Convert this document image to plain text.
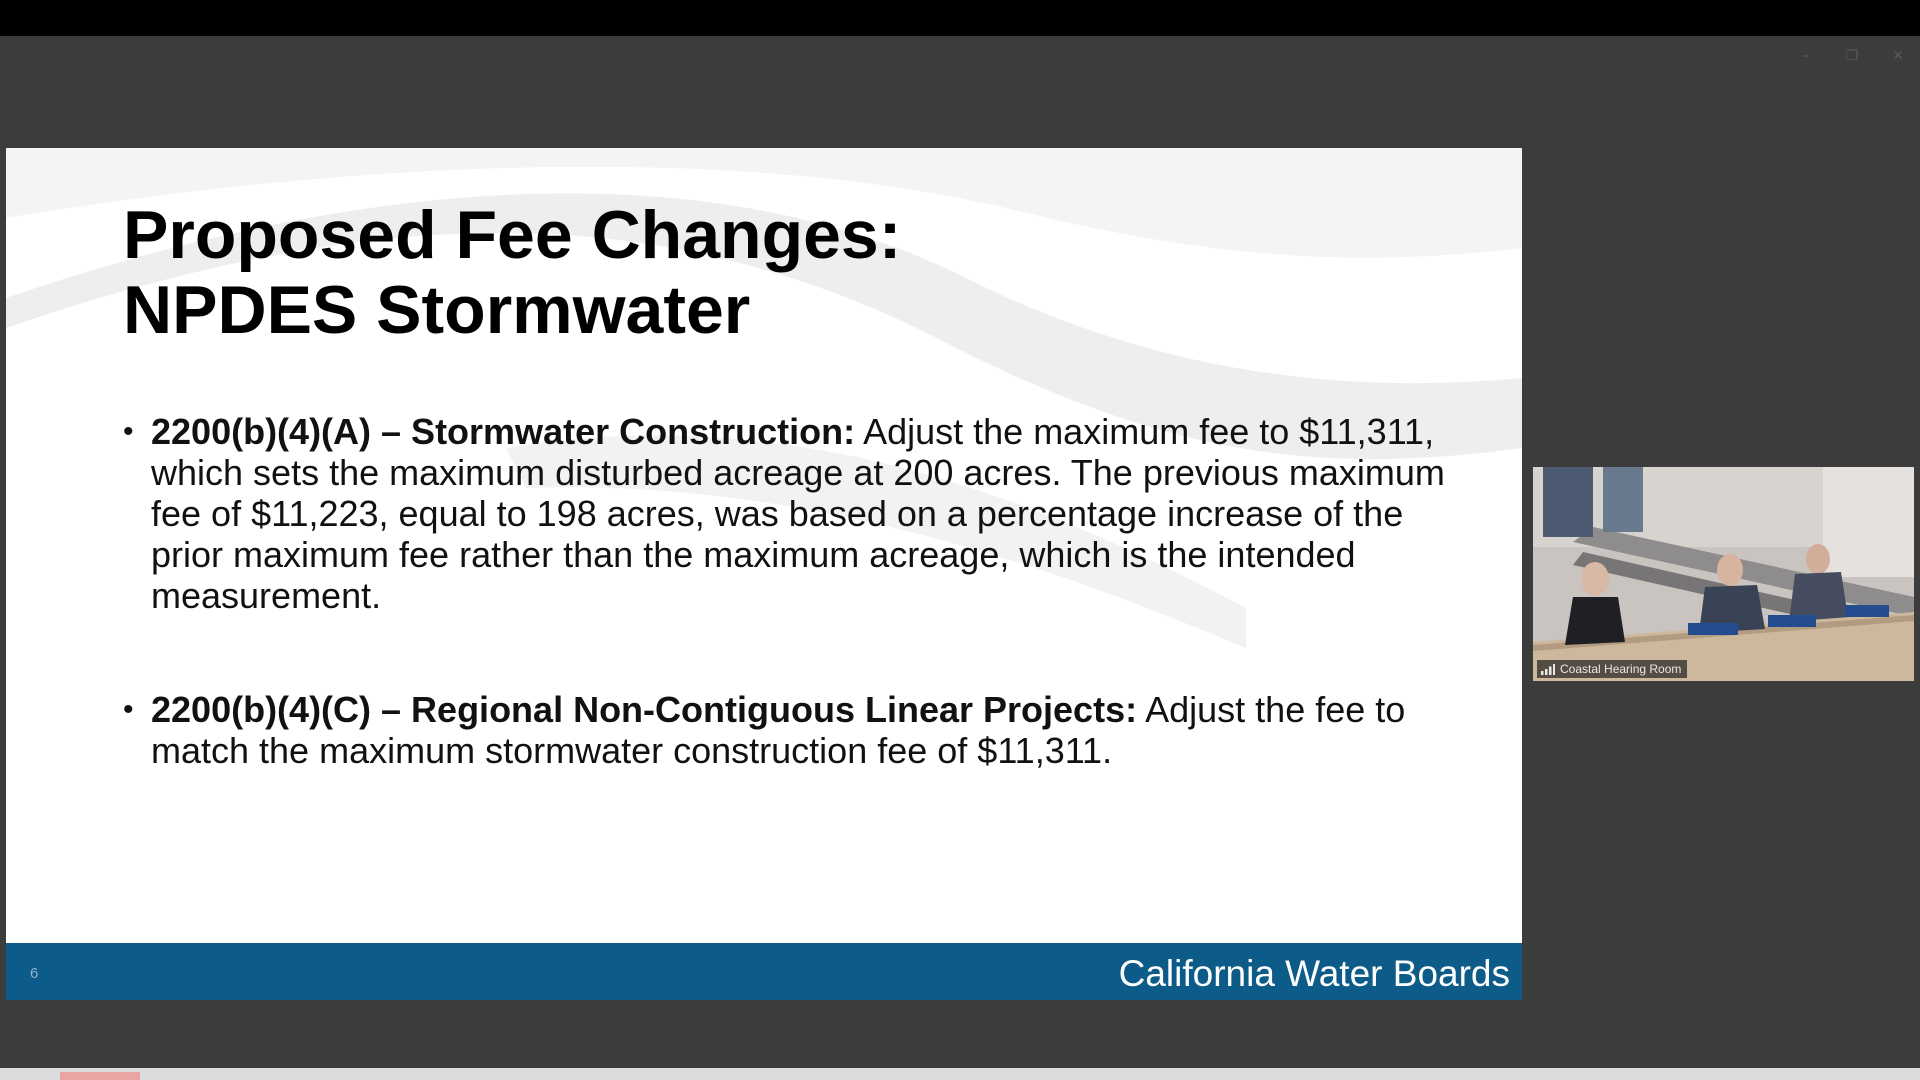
–	❐	✕
Proposed Fee Changes:
NPDES Stormwater
• 2200(b)(4)(A) – Stormwater Construction: Adjust the maximum fee to $11,311, which sets the maximum disturbed acreage at 200 acres. The previous maximum fee of $11,223, equal to 198 acres, was based on a percentage increase of the prior maximum fee rather than the maximum acreage, which is the intended measurement.
• 2200(b)(4)(C) – Regional Non-Contiguous Linear Projects: Adjust the fee to match the maximum stormwater construction fee of $11,311.
6	California Water Boards
Coastal Hearing Room
